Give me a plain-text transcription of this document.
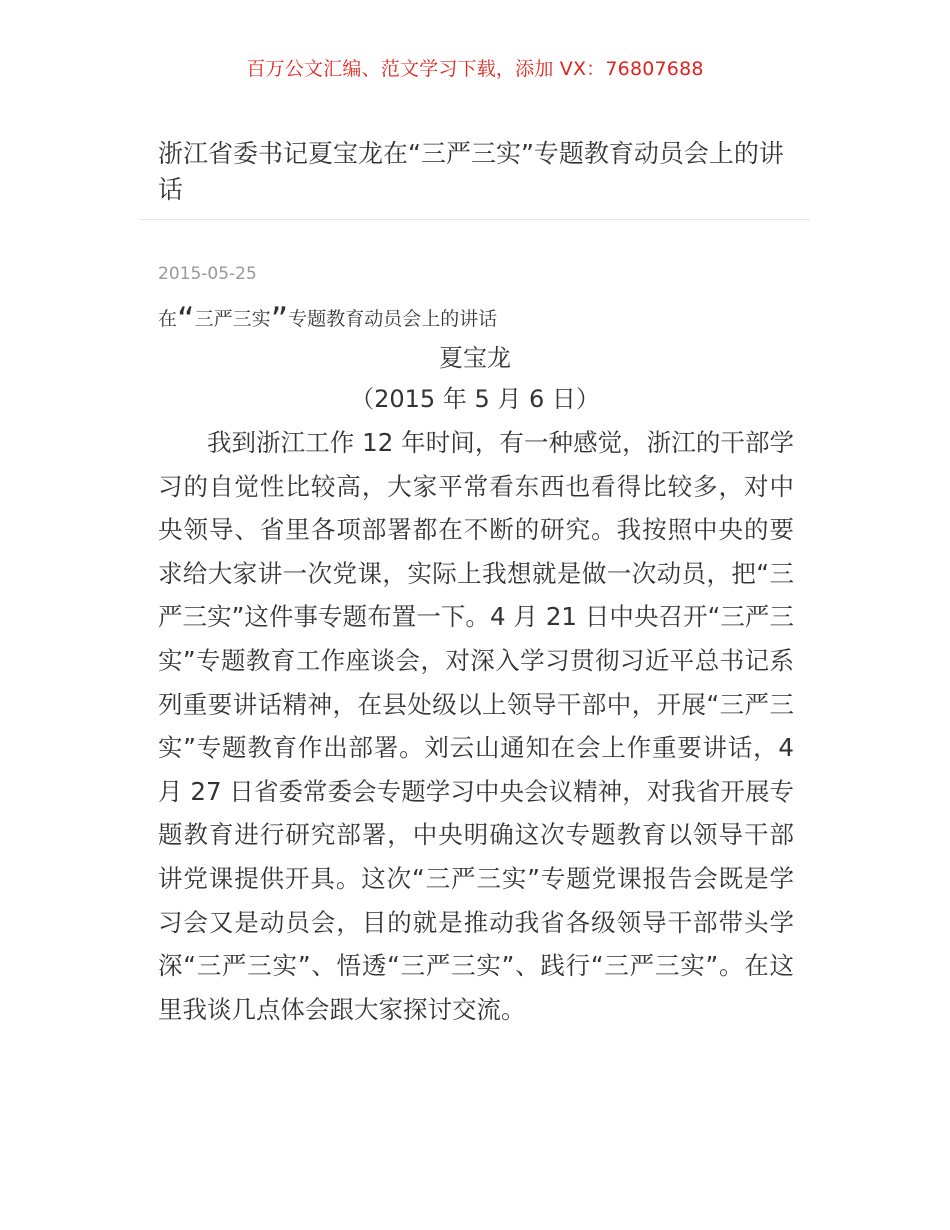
百万公文汇编、范文学习下载，添加 VX：76807688
浙江省委书记夏宝龙在“三严三实”专题教育动员会上的讲话
2015-05-25
在“三严三实”专题教育动员会上的讲话
夏宝龙
（2015 年 5 月 6 日）

我到浙江工作 12 年时间，有一种感觉，浙江的干部学习的自觉性比较高，大家平常看东西也看得比较多，对中央领导、省里各项部署都在不断的研究。我按照中央的要求给大家讲一次党课，实际上我想就是做一次动员，把“三严三实”这件事专题布置一下。4 月 21 日中央召开“三严三实”专题教育工作座谈会，对深入学习贯彻习近平总书记系列重要讲话精神，在县处级以上领导干部中，开展“三严三实”专题教育作出部署。刘云山通知在会上作重要讲话，4 月 27 日省委常委会专题学习中央会议精神，对我省开展专题教育进行研究部署，中央明确这次专题教育以领导干部讲党课提供开具。这次“三严三实”专题党课报告会既是学习会又是动员会，目的就是推动我省各级领导干部带头学深“三严三实”、悟透“三严三实”、践行“三严三实”。在这里我谈几点体会跟大家探讨交流。
